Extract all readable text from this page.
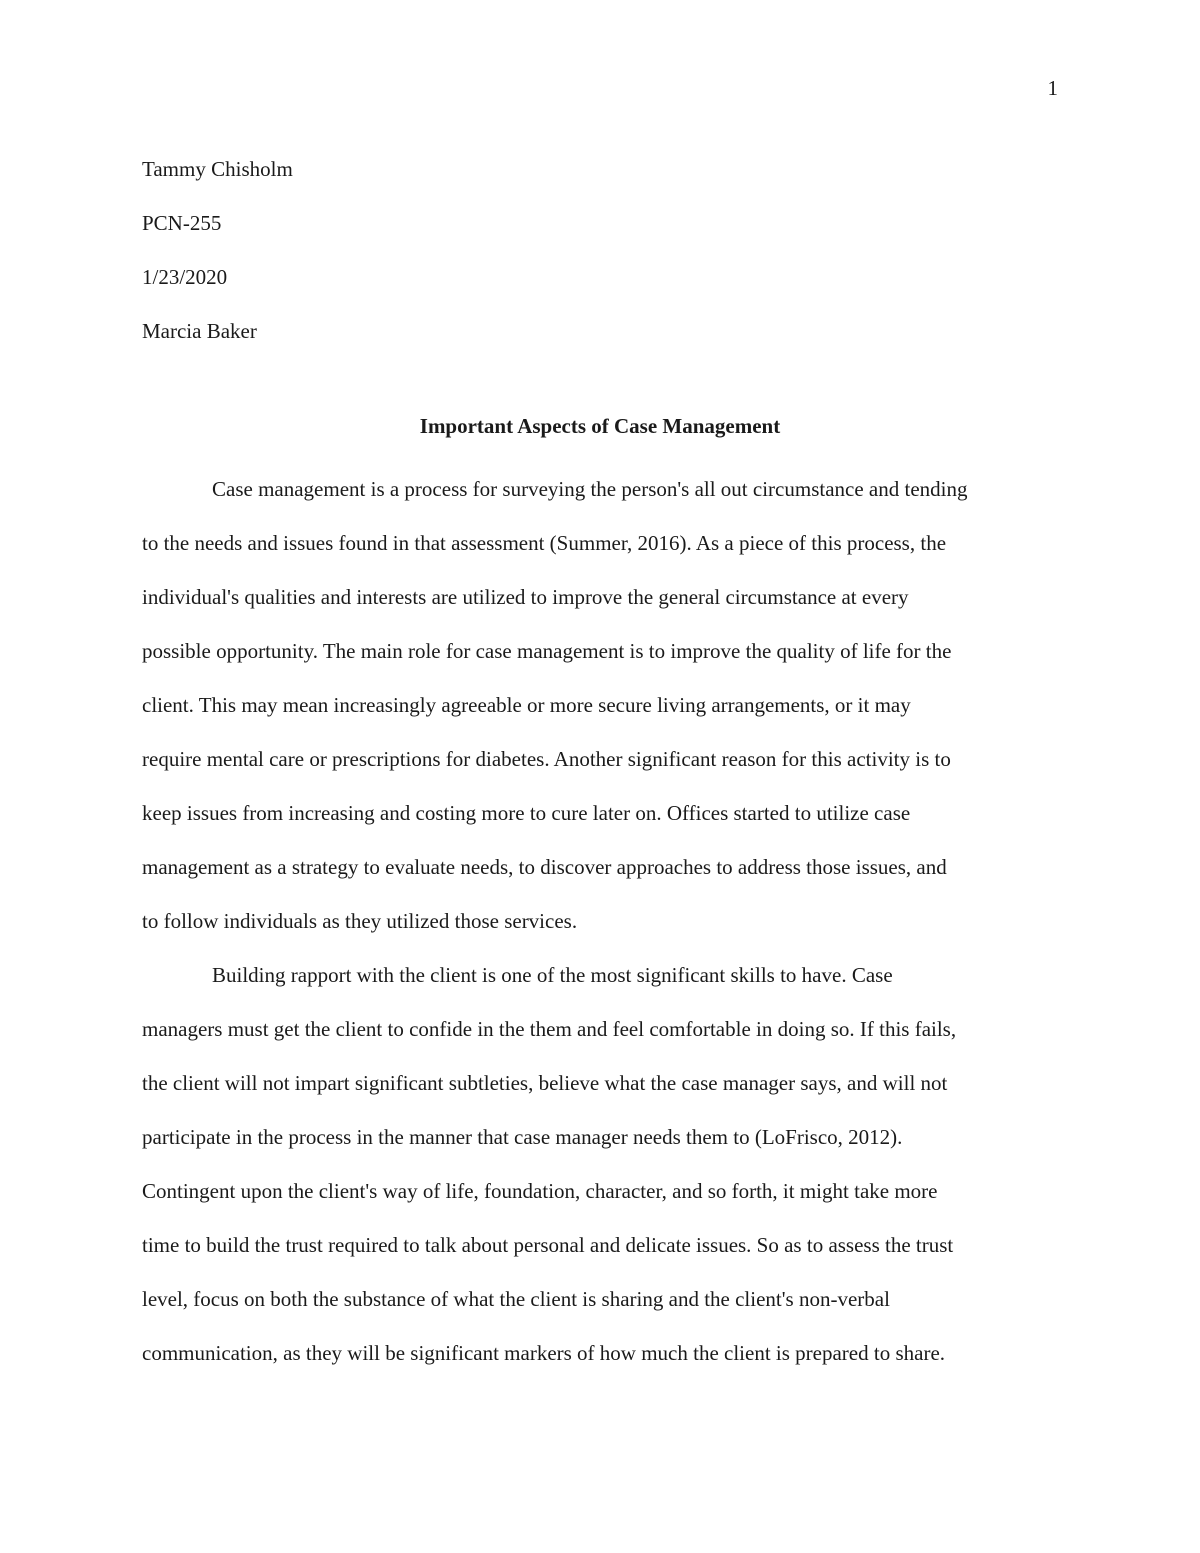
1
Tammy Chisholm
PCN-255
1/23/2020
Marcia Baker
Important Aspects of Case Management
Case management is a process for surveying the person's all out circumstance and tending
to the needs and issues found in that assessment (Summer, 2016). As a piece of this process, the
individual's qualities and interests are utilized to improve the general circumstance at every
possible opportunity. The main role for case management is to improve the quality of life for the
client. This may mean increasingly agreeable or more secure living arrangements, or it may
require mental care or prescriptions for diabetes. Another significant reason for this activity is to
keep issues from increasing and costing more to cure later on. Offices started to utilize case
management as a strategy to evaluate needs, to discover approaches to address those issues, and
to follow individuals as they utilized those services.
Building rapport with the client is one of the most significant skills to have. Case
managers must get the client to confide in the them and feel comfortable in doing so. If this fails,
the client will not impart significant subtleties, believe what the case manager says, and will not
participate in the process in the manner that case manager needs them to (LoFrisco, 2012).
Contingent upon the client's way of life, foundation, character, and so forth, it might take more
time to build the trust required to talk about personal and delicate issues. So as to assess the trust
level, focus on both the substance of what the client is sharing and the client's non-verbal
communication, as they will be significant markers of how much the client is prepared to share.
